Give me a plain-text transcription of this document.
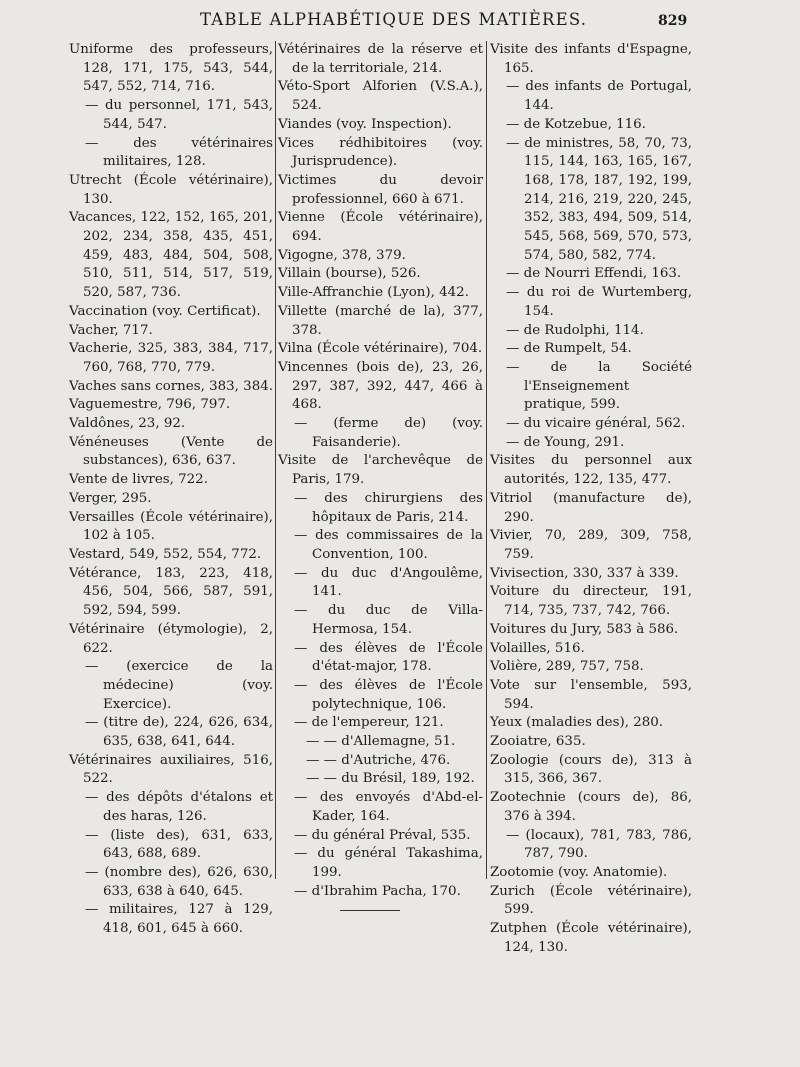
TABLE ALPHABÉTIQUE DES MATIÈRES.	829

Uniforme des professeurs, 128, 171, 175, 543, 544, 547, 552, 714, 716.

— du personnel, 171, 543, 544, 547.

— des vétérinaires militaires, 128.

Utrecht (École vétérinaire), 130.

Vacances, 122, 152, 165, 201, 202, 234, 358, 435, 451, 459, 483, 484, 504, 508, 510, 511, 514, 517, 519, 520, 587, 736.

Vaccination (voy. Certificat).

Vacher, 717.

Vacherie, 325, 383, 384, 717, 760, 768, 770, 779.

Vaches sans cornes, 383, 384.

Vaguemestre, 796, 797.

Valdônes, 23, 92.

Vénéneuses (Vente de substances), 636, 637.

Vente de livres, 722.

Verger, 295.

Versailles (École vétérinaire), 102 à 105.

Vestard, 549, 552, 554, 772.

Vétérance, 183, 223, 418, 456, 504, 566, 587, 591, 592, 594, 599.

Vétérinaire (étymologie), 2, 622.

— (exercice de la médecine) (voy. Exercice).

— (titre de), 224, 626, 634, 635, 638, 641, 644.

Vétérinaires auxiliaires, 516, 522.

— des dépôts d'étalons et des haras, 126.

— (liste des), 631, 633, 643, 688, 689.

— (nombre des), 626, 630, 633, 638 à 640, 645.

— militaires, 127 à 129, 418, 601, 645 à 660.

Vétérinaires de la réserve et de la territoriale, 214.

Véto-Sport Alforien (V.S.A.), 524.

Viandes (voy. Inspection).

Vices rédhibitoires (voy. Jurisprudence).

Victimes du devoir professionnel, 660 à 671.

Vienne (École vétérinaire), 694.

Vigogne, 378, 379.

Villain (bourse), 526.

Ville-Affranchie (Lyon), 442.

Villette (marché de la), 377, 378.

Vilna (École vétérinaire), 704.

Vincennes (bois de), 23, 26, 297, 387, 392, 447, 466 à 468.

— (ferme de) (voy. Faisanderie).

Visite de l'archevêque de Paris, 179.

— des chirurgiens des hôpitaux de Paris, 214.

— des commissaires de la Convention, 100.

— du duc d'Angoulême, 141.

— du duc de Villa-Hermosa, 154.

— des élèves de l'École d'état-major, 178.

— des élèves de l'École polytechnique, 106.

— de l'empereur, 121.

— — d'Allemagne, 51.

— — d'Autriche, 476.

— — du Brésil, 189, 192.

— des envoyés d'Abd-el-Kader, 164.

— du général Préval, 535.

— du général Takashima, 199.

— d'Ibrahim Pacha, 170.

Visite des infants d'Espagne, 165.

— des infants de Portugal, 144.

— de Kotzebue, 116.

— de ministres, 58, 70, 73, 115, 144, 163, 165, 167, 168, 178, 187, 192, 199, 214, 216, 219, 220, 245, 352, 383, 494, 509, 514, 545, 568, 569, 570, 573, 574, 580, 582, 774.

— de Nourri Effendi, 163.

— du roi de Wurtemberg, 154.

— de Rudolphi, 114.

— de Rumpelt, 54.

— de la Société l'Enseignement pratique, 599.

— du vicaire général, 562.

— de Young, 291.

Visites du personnel aux autorités, 122, 135, 477.

Vitriol (manufacture de), 290.

Vivier, 70, 289, 309, 758, 759.

Vivisection, 330, 337 à 339.

Voiture du directeur, 191, 714, 735, 737, 742, 766.

Voitures du Jury, 583 à 586.

Volailles, 516.

Volière, 289, 757, 758.

Vote sur l'ensemble, 593, 594.

Yeux (maladies des), 280.

Zooiatre, 635.

Zoologie (cours de), 313 à 315, 366, 367.

Zootechnie (cours de), 86, 376 à 394.

— (locaux), 781, 783, 786, 787, 790.

Zootomie (voy. Anatomie).

Zurich (École vétérinaire), 599.

Zutphen (École vétérinaire), 124, 130.
